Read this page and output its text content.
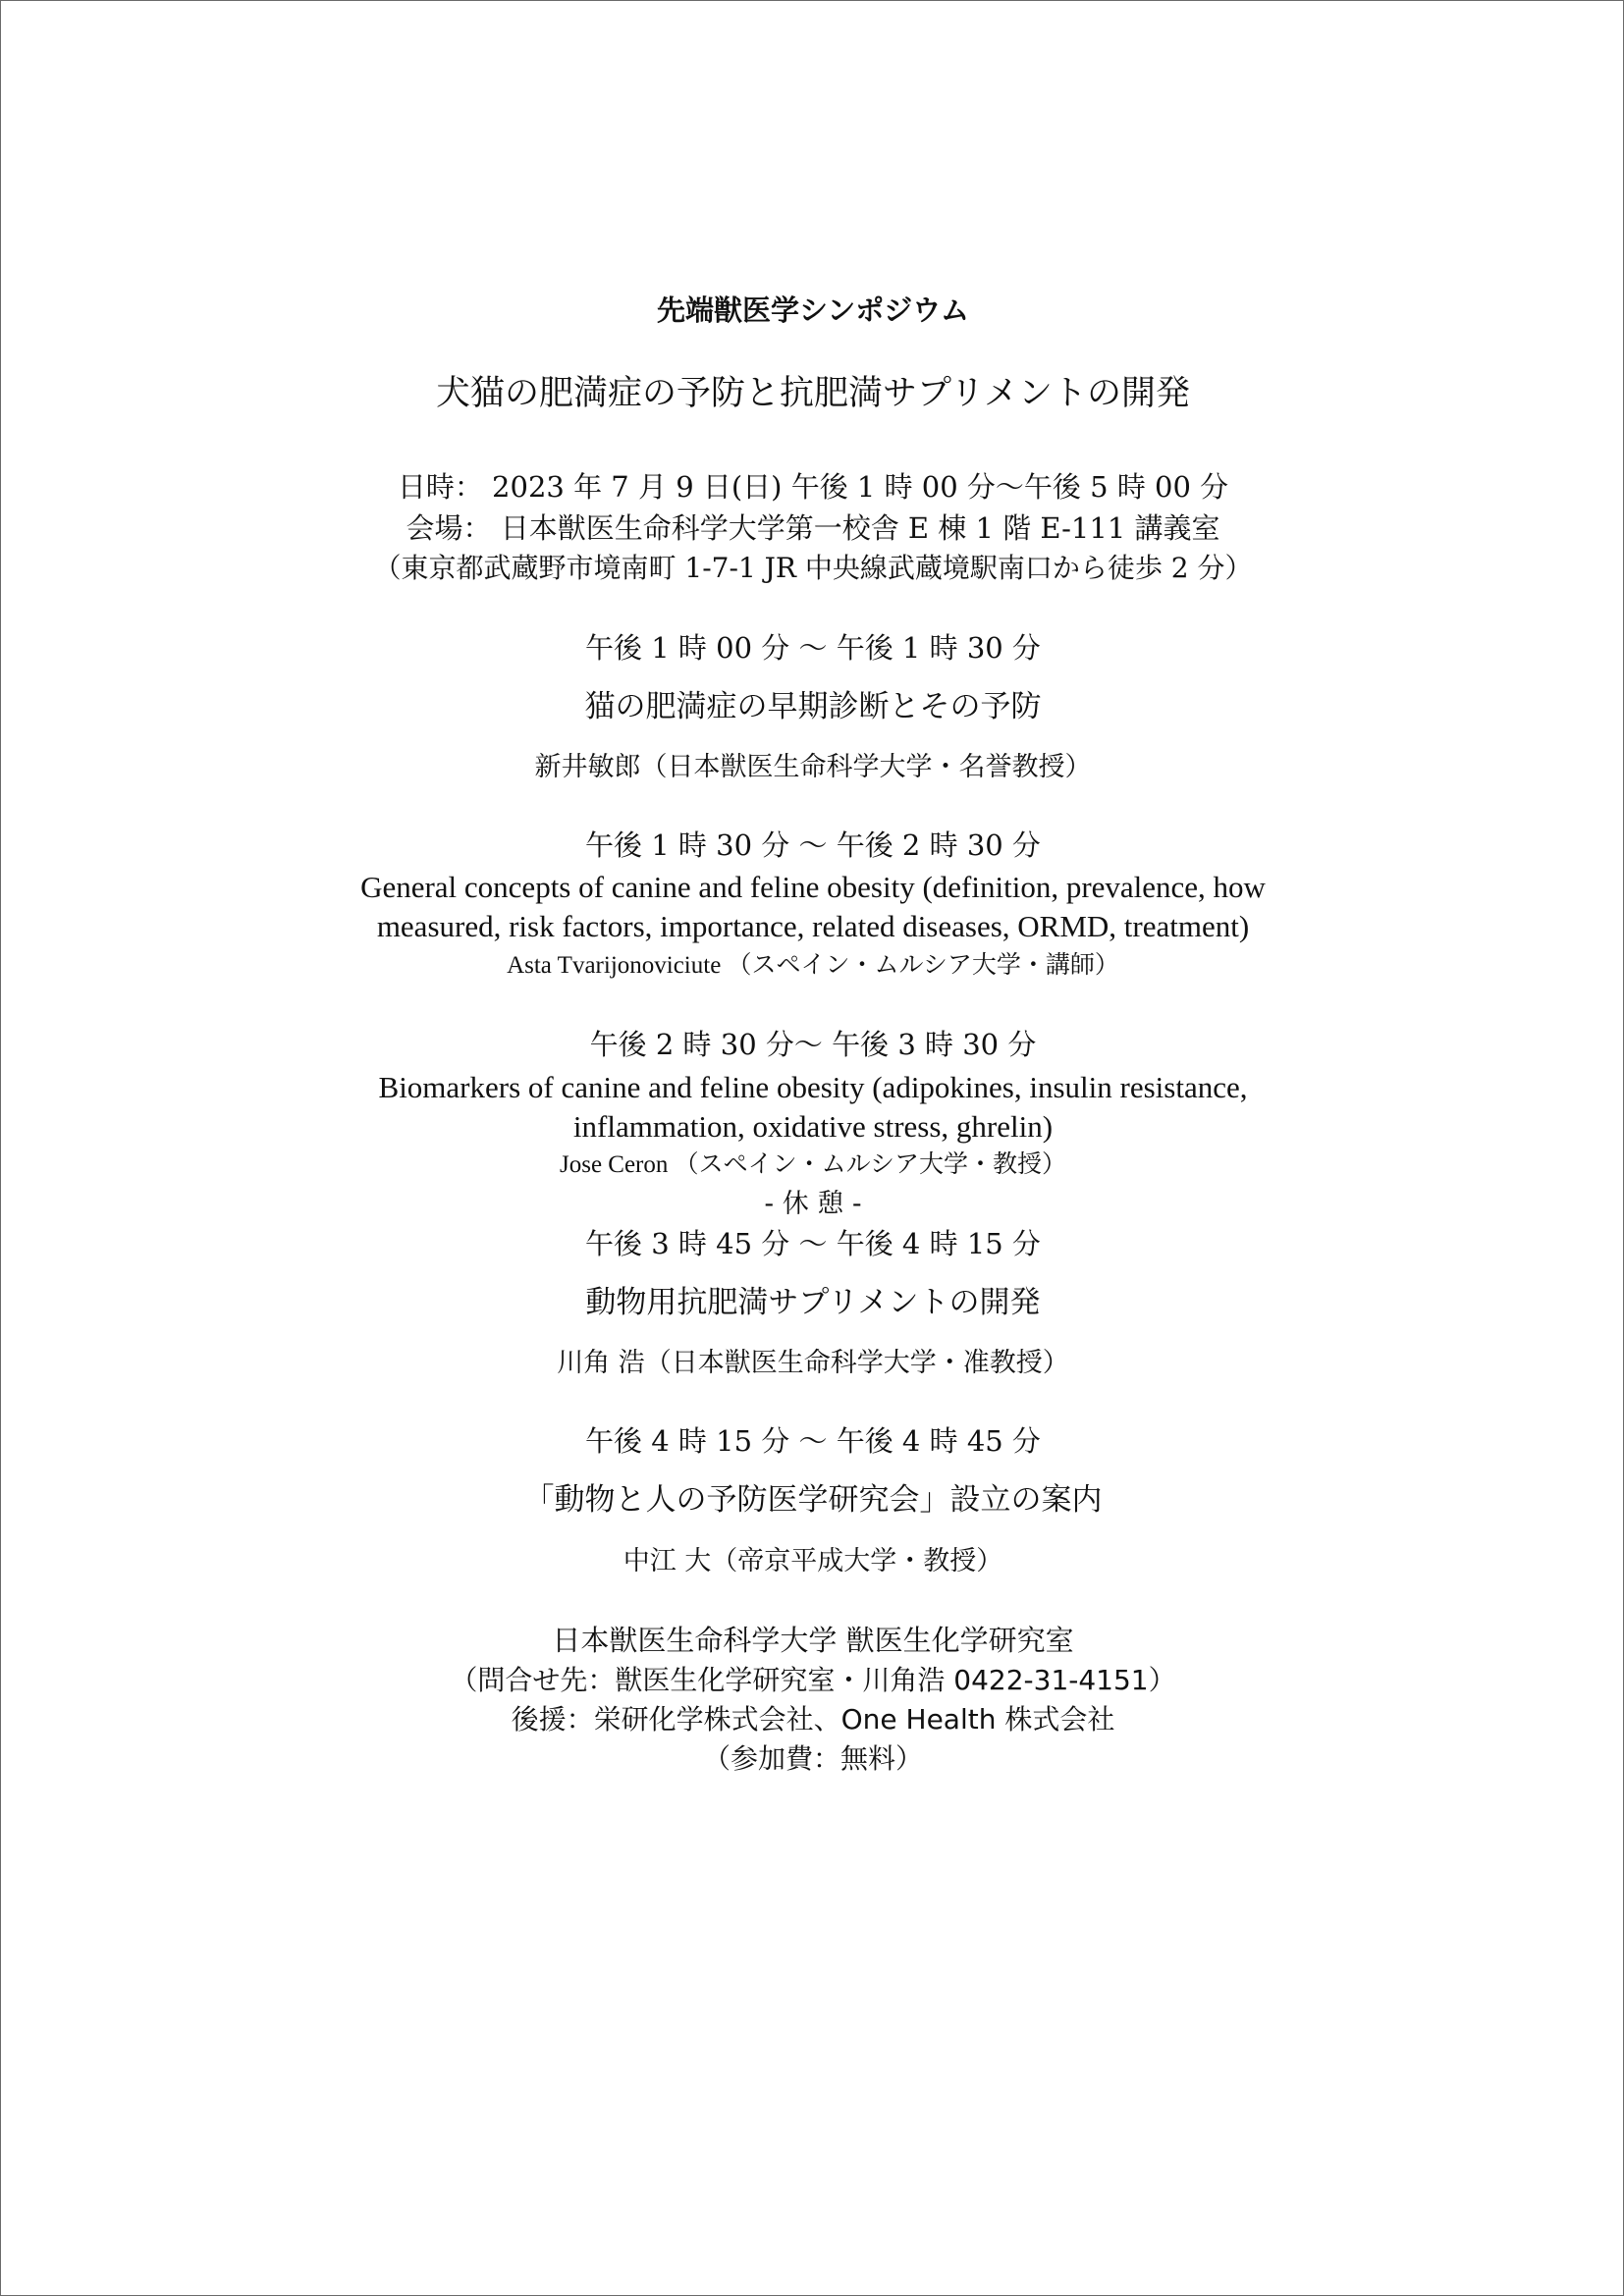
先端獣医学シンポジウム
犬猫の肥満症の予防と抗肥満サプリメントの開発
日時： 2023 年 7 月 9 日(日) 午後 1 時 00 分～午後 5 時 00 分
会場： 日本獣医生命科学大学第一校舎 E 棟 1 階 E-111 講義室
（東京都武蔵野市境南町 1-7-1 JR 中央線武蔵境駅南口から徒歩 2 分）
午後 1 時 00 分 ～ 午後 1 時 30 分
猫の肥満症の早期診断とその予防
新井敏郎（日本獣医生命科学大学・名誉教授）
午後 1 時 30 分 ～ 午後 2 時 30 分
General concepts of canine and feline obesity (definition, prevalence, how
measured, risk factors, importance, related diseases, ORMD, treatment)
Asta Tvarijonoviciute （スペイン・ムルシア大学・講師）
午後 2 時 30 分～ 午後 3 時 30 分
Biomarkers of canine and feline obesity (adipokines, insulin resistance,
inflammation, oxidative stress, ghrelin)
Jose Ceron （スペイン・ムルシア大学・教授）
- 休 憩 -
午後 3 時 45 分 ～ 午後 4 時 15 分
動物用抗肥満サプリメントの開発
川角 浩（日本獣医生命科学大学・准教授）
午後 4 時 15 分 ～ 午後 4 時 45 分
「動物と人の予防医学研究会」設立の案内
中江 大（帝京平成大学・教授）
日本獣医生命科学大学 獣医生化学研究室
（問合せ先：獣医生化学研究室・川角浩 0422-31-4151）
後援：栄研化学株式会社、One Health 株式会社
（参加費：無料）
